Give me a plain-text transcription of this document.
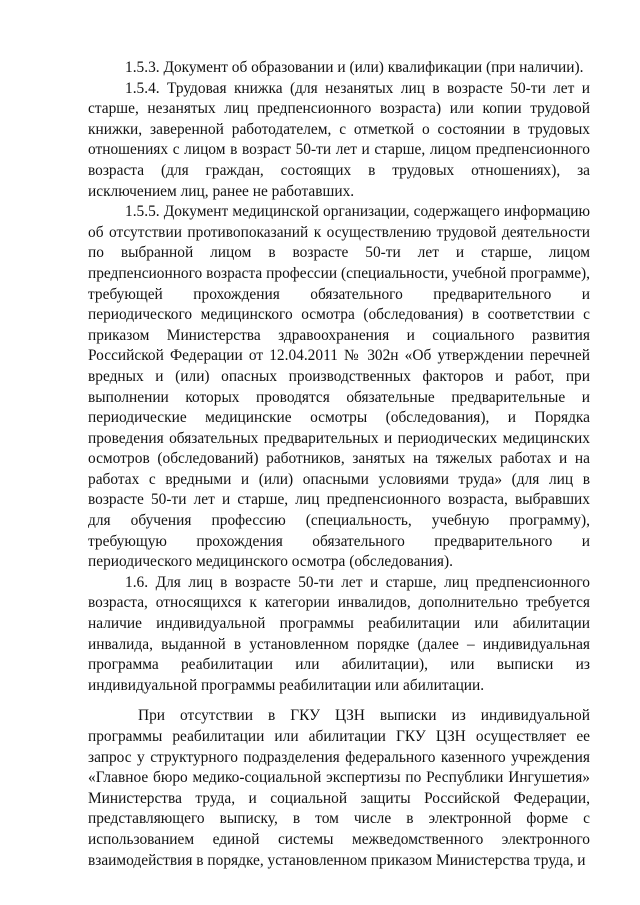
1.5.3. Документ об образовании и (или) квалификации (при наличии).

1.5.4. Трудовая книжка (для незанятых лиц в возрасте 50-ти лет и старше, незанятых лиц предпенсионного возраста) или копии трудовой книжки, заверенной работодателем, с отметкой о состоянии в трудовых отношениях с лицом в возраст 50-ти лет и старше, лицом предпенсионного возраста (для граждан, состоящих в трудовых отношениях), за исключением лиц, ранее не работавших.

1.5.5. Документ медицинской организации, содержащего информацию об отсутствии противопоказаний к осуществлению трудовой деятельности по выбранной лицом в возрасте 50-ти лет и старше, лицом предпенсионного возраста профессии (специальности, учебной программе), требующей прохождения обязательного предварительного и периодического медицинского осмотра (обследования) в соответствии с приказом Министерства здравоохранения и социального развития Российской Федерации от 12.04.2011 № 302н «Об утверждении перечней вредных и (или) опасных производственных факторов и работ, при выполнении которых проводятся обязательные предварительные и периодические медицинские осмотры (обследования), и Порядка проведения обязательных предварительных и периодических медицинских осмотров (обследований) работников, занятых на тяжелых работах и на работах с вредными и (или) опасными условиями труда» (для лиц в возрасте 50-ти лет и старше, лиц предпенсионного возраста, выбравших для обучения профессию (специальность, учебную программу), требующую прохождения обязательного предварительного и периодического медицинского осмотра (обследования).

1.6. Для лиц в возрасте 50-ти лет и старше, лиц предпенсионного возраста, относящихся к категории инвалидов, дополнительно требуется наличие индивидуальной программы реабилитации или абилитации инвалида, выданной в установленном порядке (далее – индивидуальная программа реабилитации или абилитации), или выписки из индивидуальной программы реабилитации или абилитации.

При отсутствии в ГКУ ЦЗН выписки из индивидуальной программы реабилитации или абилитации ГКУ ЦЗН осуществляет ее запрос у структурного подразделения федерального казенного учреждения «Главное бюро медико-социальной экспертизы по Республики Ингушетия» Министерства труда, и социальной защиты Российской Федерации, представляющего выписку, в том числе в электронной форме с использованием единой системы межведомственного электронного взаимодействия в порядке, установленном приказом Министерства труда, и
